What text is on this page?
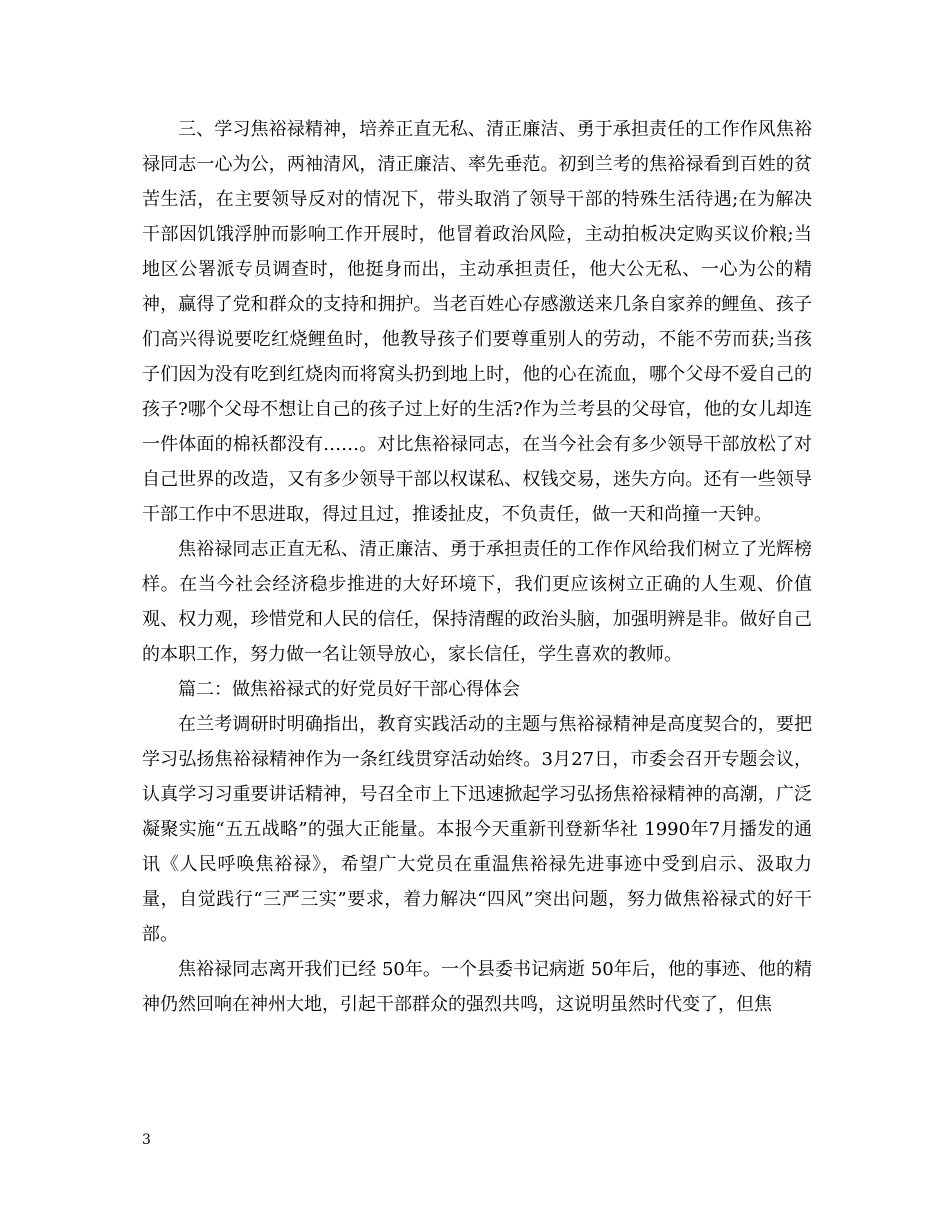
三、学习焦裕禄精神，培养正直无私、清正廉洁、勇于承担责任的工作作风焦裕禄同志一心为公，两袖清风，清正廉洁、率先垂范。初到兰考的焦裕禄看到百姓的贫苦生活，在主要领导反对的情况下，带头取消了领导干部的特殊生活待遇;在为解决干部因饥饿浮肿而影响工作开展时，他冒着政治风险，主动拍板决定购买议价粮;当地区公署派专员调查时，他挺身而出，主动承担责任，他大公无私、一心为公的精神，赢得了党和群众的支持和拥护。当老百姓心存感激送来几条自家养的鲤鱼、孩子们高兴得说要吃红烧鲤鱼时，他教导孩子们要尊重别人的劳动，不能不劳而获;当孩子们因为没有吃到红烧肉而将窝头扔到地上时，他的心在流血，哪个父母不爱自己的孩子?哪个父母不想让自己的孩子过上好的生活?作为兰考县的父母官，他的女儿却连一件体面的棉袄都没有……。对比焦裕禄同志，在当今社会有多少领导干部放松了对自己世界的改造，又有多少领导干部以权谋私、权钱交易，迷失方向。还有一些领导干部工作中不思进取，得过且过，推诿扯皮，不负责任，做一天和尚撞一天钟。

焦裕禄同志正直无私、清正廉洁、勇于承担责任的工作作风给我们树立了光辉榜样。在当今社会经济稳步推进的大好环境下，我们更应该树立正确的人生观、价值观、权力观，珍惜党和人民的信任，保持清醒的政治头脑，加强明辨是非。做好自己的本职工作，努力做一名让领导放心，家长信任，学生喜欢的教师。

篇二：做焦裕禄式的好党员好干部心得体会

在兰考调研时明确指出，教育实践活动的主题与焦裕禄精神是高度契合的，要把学习弘扬焦裕禄精神作为一条红线贯穿活动始终。3月27日，市委会召开专题会议，认真学习习重要讲话精神，号召全市上下迅速掀起学习弘扬焦裕禄精神的高潮，广泛凝聚实施“五五战略”的强大正能量。本报今天重新刊登新华社 1990年7月播发的通讯《人民呼唤焦裕禄》，希望广大党员在重温焦裕禄先进事迹中受到启示、汲取力量，自觉践行“三严三实”要求，着力解决“四风”突出问题，努力做焦裕禄式的好干部。

焦裕禄同志离开我们已经 50年。一个县委书记病逝 50年后，他的事迹、他的精神仍然回响在神州大地，引起干部群众的强烈共鸣，这说明虽然时代变了，但焦

3
